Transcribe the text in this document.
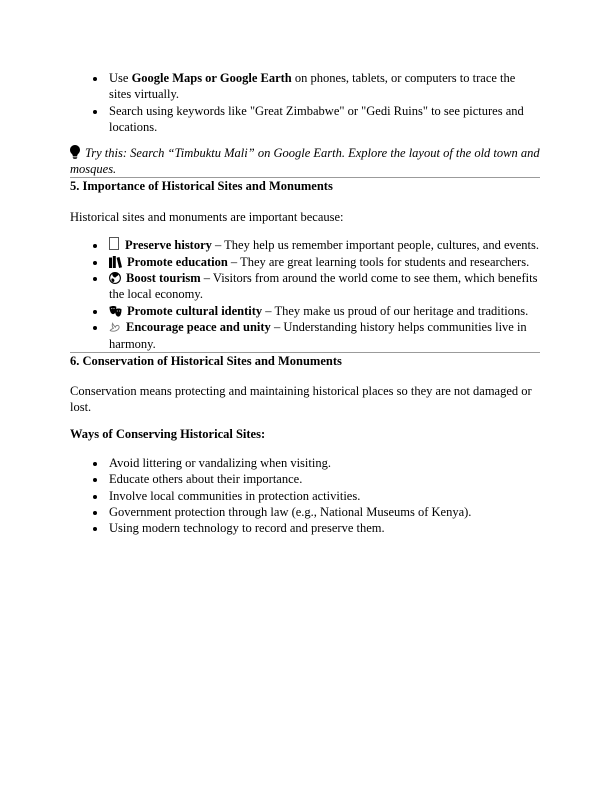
• Use Google Maps or Google Earth on phones, tablets, or computers to trace the sites virtually.
• Search using keywords like "Great Zimbabwe" or "Gedi Ruins" to see pictures and locations.

Try this: Search “Timbuktu Mali” on Google Earth. Explore the layout of the old town and mosques.

5. Importance of Historical Sites and Monuments

Historical sites and monuments are important because:

• Preserve history – They help us remember important people, cultures, and events.
• Promote education – They are great learning tools for students and researchers.
• Boost tourism – Visitors from around the world come to see them, which benefits the local economy.
• Promote cultural identity – They make us proud of our heritage and traditions.
• Encourage peace and unity – Understanding history helps communities live in harmony.
6. Conservation of Historical Sites and Monuments

Conservation means protecting and maintaining historical places so they are not damaged or lost.

Ways of Conserving Historical Sites:

• Avoid littering or vandalizing when visiting.
• Educate others about their importance.
• Involve local communities in protection activities.
• Government protection through law (e.g., National Museums of Kenya).
• Using modern technology to record and preserve them.
